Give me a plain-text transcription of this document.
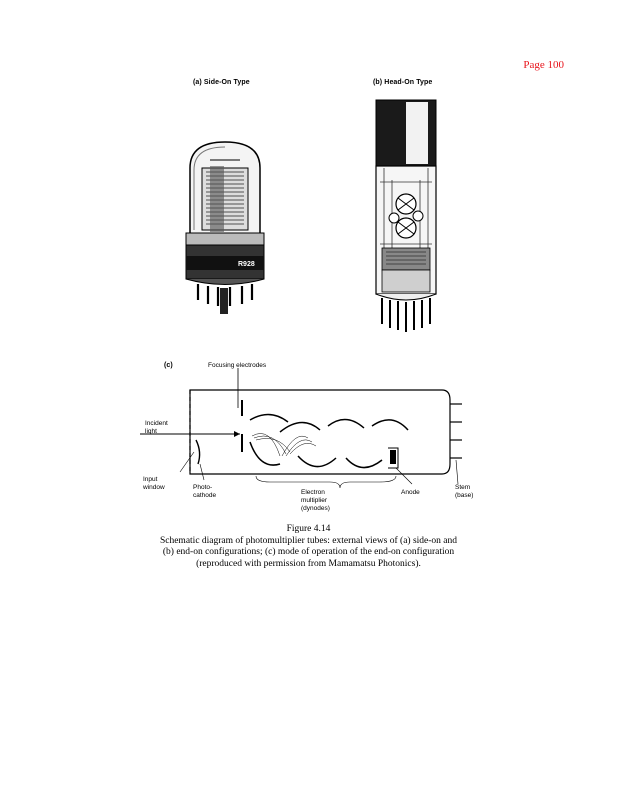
Page 100
(a) Side-On Type
R928
(b) Head-On Type
(c)	Focusing electrodes
Incident
light
Input
window	Photo-
cathode	Electron
multiplier
(dynodes)
Anode
Stem
(base)
Figure 4.14
Schematic diagram of photomultiplier tubes: external views of (a) side-on and
(b) end-on configurations; (c) mode of operation of the end-on configuration
(reproduced with permission from Mamamatsu Photonics).
